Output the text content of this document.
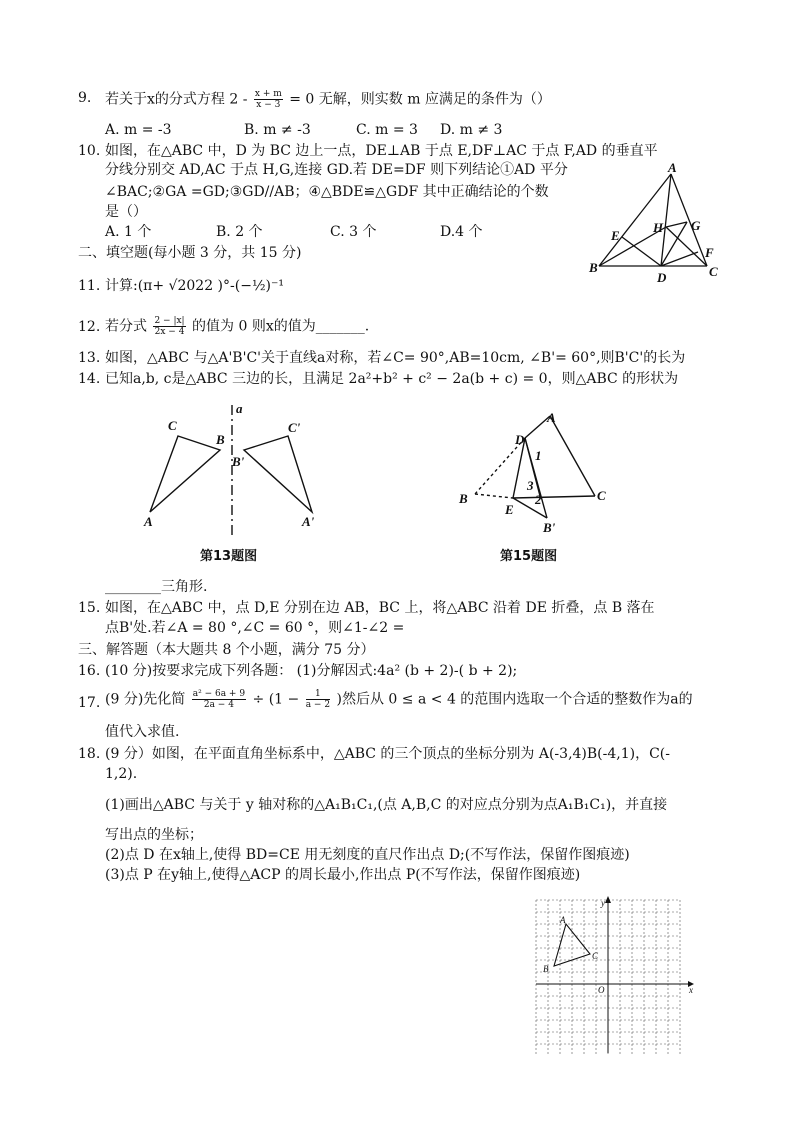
9. 若关于x的分式方程 $2 - \frac{x + m}{x - 3} = 0$ 无解，则实数 m 应满足的条件为（）
A. m = -3	B. m ≠ -3	C. m = 3 D. m ≠ 3
10. 如图，在△ABC 中，D 为 BC 边上一点，DE⊥AB 于点 E,DF⊥AC 于点 F,AD 的垂直平
分线分别交 AD,AC 于点 H,G,连接 GD.若 DE=DF 则下列结论①AD 平分
∠BAC;②GA =GD;③GD//AB；④△BDE≌△GDF 其中正确结论的个数
是（）
A. 1 个	B. 2 个	C. 3 个	D.4 个
A
B	C
D
E
F
G
H
二、填空题(每小题 3 分，共 15 分)
11. 计算:(π+ √2022 )°-(−½)⁻¹
12. 若分式 $\frac{2 - |x|}{2x - 4}$ 的值为 0 则x的值为_______.
13. 如图，△ABC 与△A'B'C'关于直线a对称，若∠C= 90°,AB=10cm, ∠B'= 60°,则B'C'的长为
14. 已知a,b, c是△ABC 三边的长，且满足 2a²+b² + c² − 2a(b + c) = 0，则△ABC 的形状为
C
B
A
a
C'
B'
A'
第13题图
A
B	C
D
E
B'
1
2
3
第15题图
________三角形.
15. 如图，在△ABC 中，点 D,E 分别在边 AB，BC 上，将△ABC 沿着 DE 折叠，点 B 落在
点B'处.若∠A = 80 °,∠C = 60 °，则∠1-∠2 =
三、解答题（本大题共 8 个小题，满分 75 分）
16. (10 分)按要求完成下列各题： (1)分解因式:4a² (b + 2)-( b + 2);
17. (9 分)先化简 $\frac{\text{a² − 6a + 9}}{2a - 4} \div (1 - \frac{1}{a - 2}$ )然后从 0 ≤ a < 4 的范围内选取一个合适的整数作为a的
值代入求值.
18. (9 分）如图，在平面直角坐标系中，△ABC 的三个顶点的坐标分别为 A(-3,4)B(-4,1)，C(-
1,2).
(1)画出△ABC 与关于 y 轴对称的△A₁B₁C₁,(点 A,B,C 的对应点分别为点A₁B₁C₁)，并直接
写出点的坐标；
(2)点 D 在x轴上,使得 BD=CE 用无刻度的直尺作出点 D;(不写作法，保留作图痕迹)
(3)点 P 在y轴上,使得△ACP 的周长最小,作出点 P(不写作法，保留作图痕迹)
y
x
O
A
B
C
